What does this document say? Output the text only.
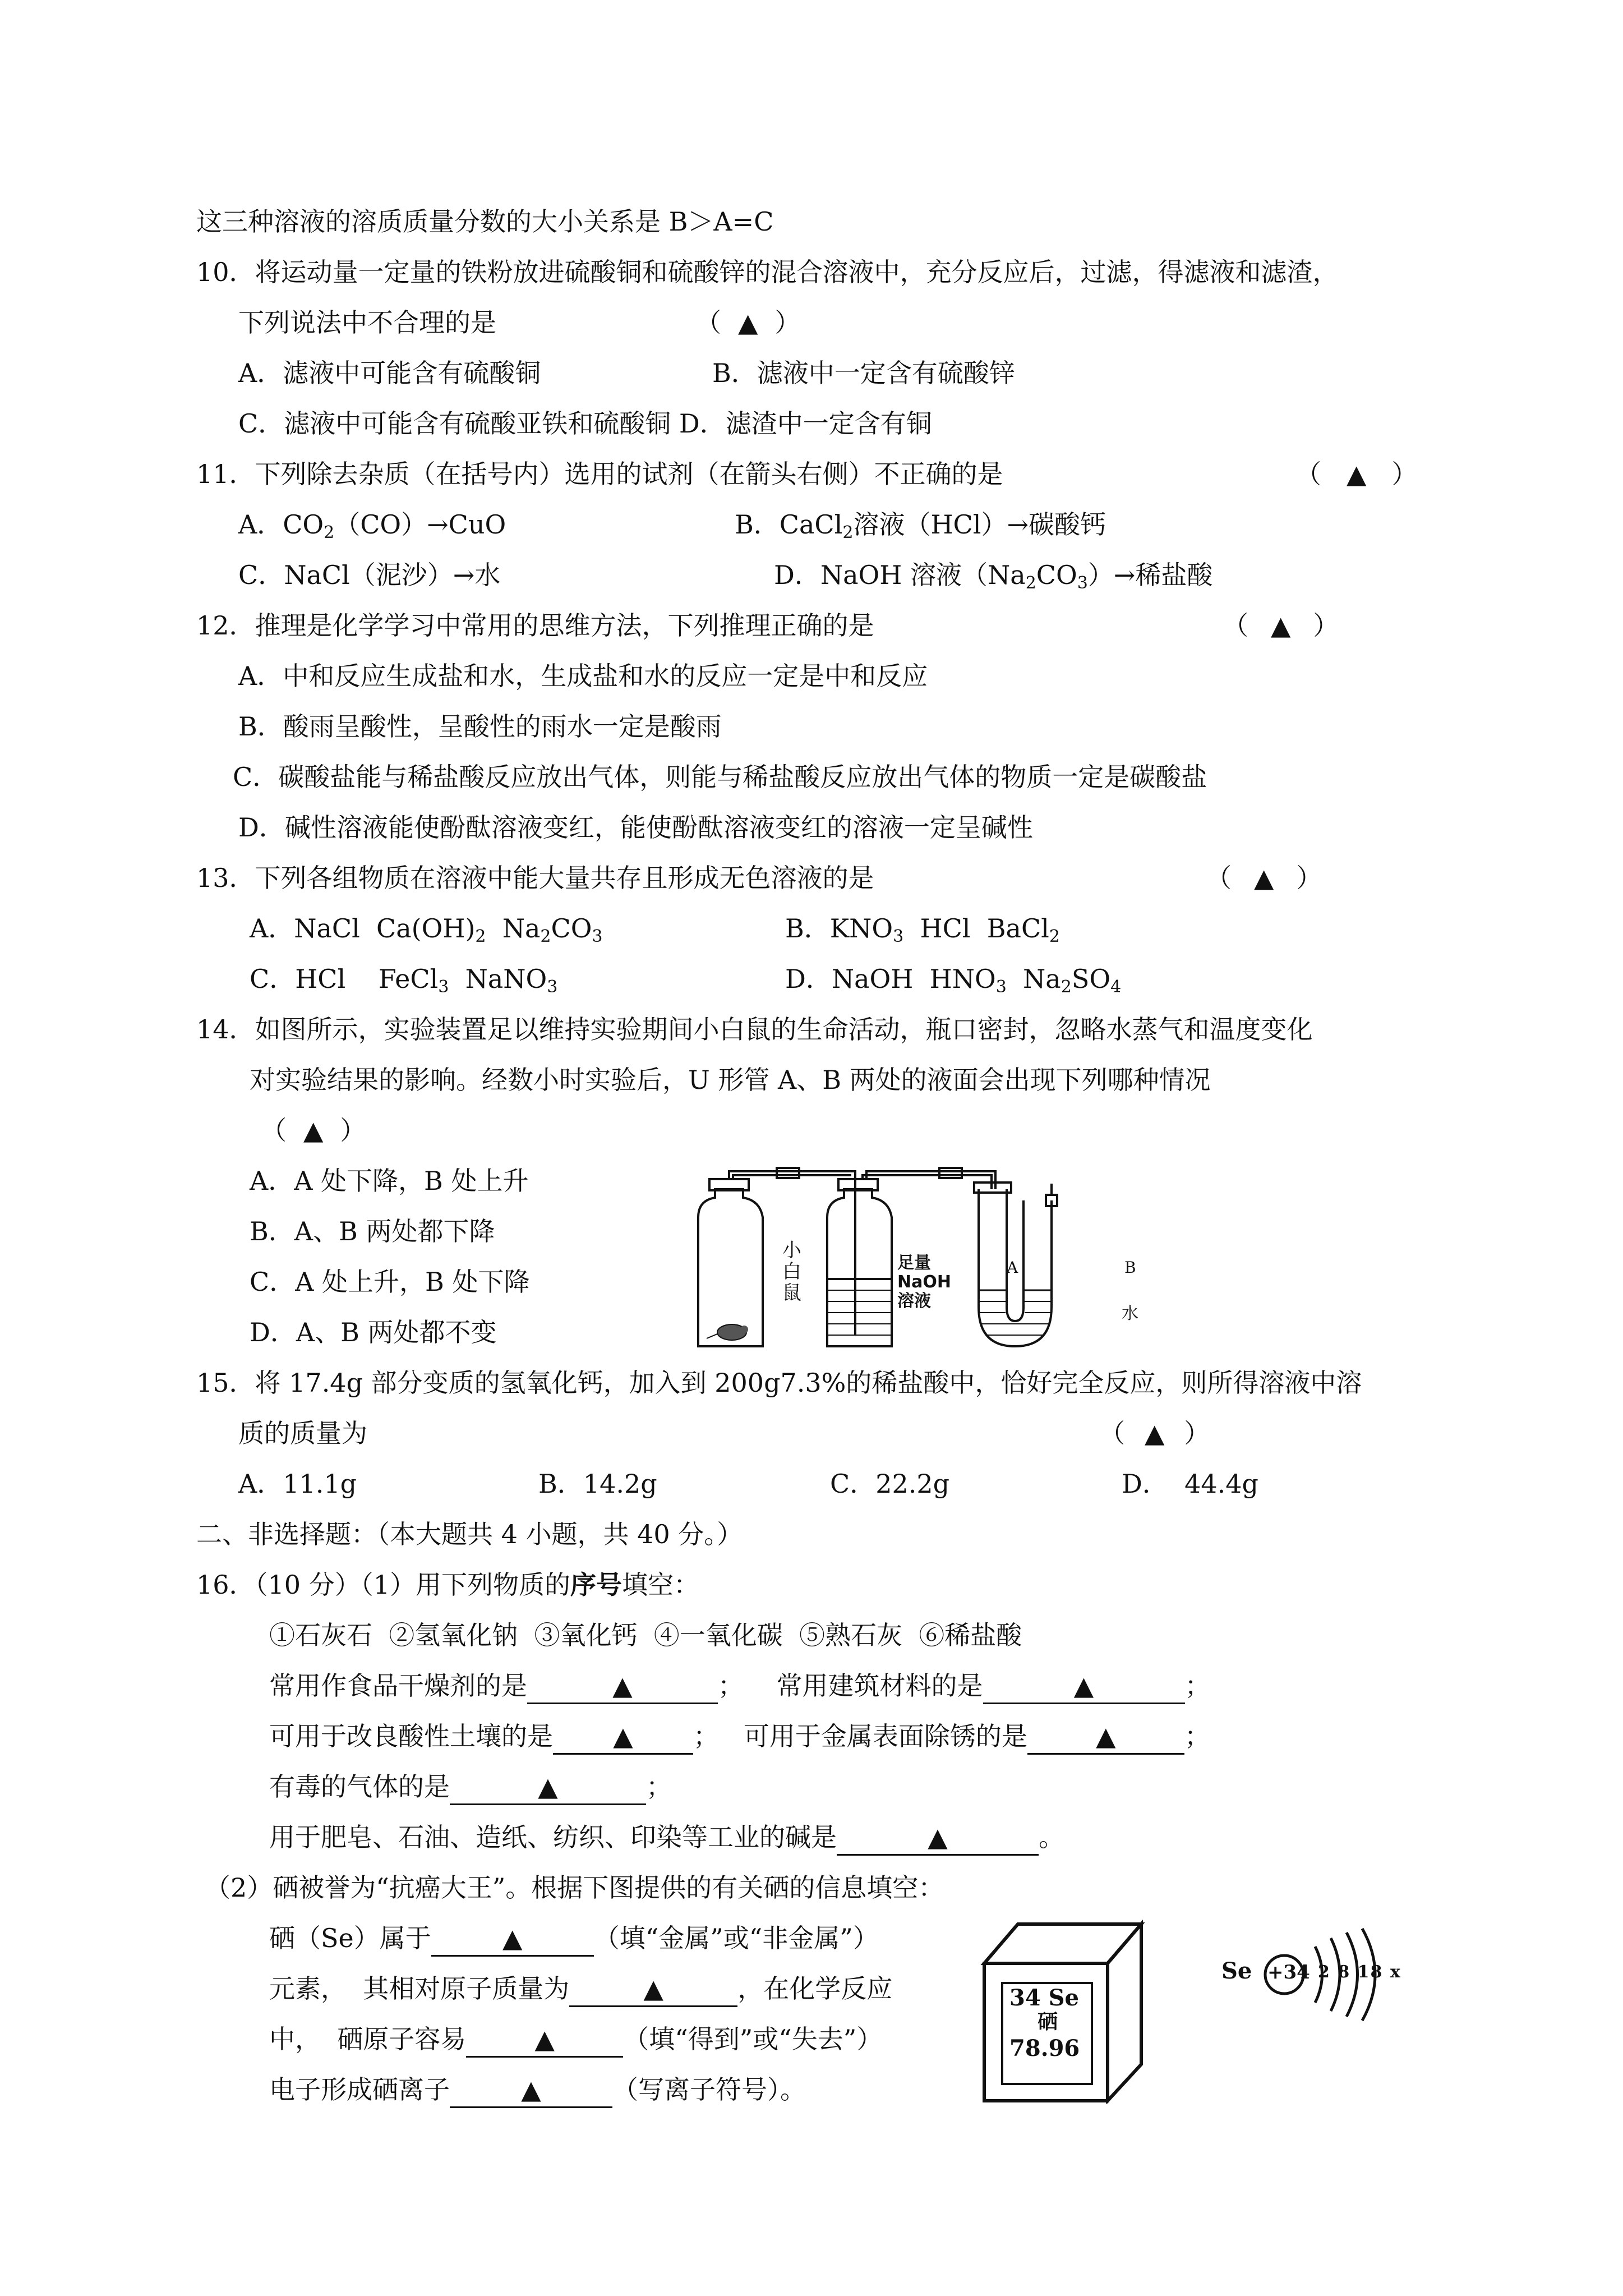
这三种溶液的溶质质量分数的大小关系是 B＞A=C
10．将运动量一定量的铁粉放进硫酸铜和硫酸锌的混合溶液中，充分反应后，过滤，得滤液和滤渣，
下列说法中不合理的是	（ ▲ ）
A．滤液中可能含有硫酸铜	B．滤液中一定含有硫酸锌
C．滤液中可能含有硫酸亚铁和硫酸铜 D．滤渣中一定含有铜
11．下列除去杂质（在括号内）选用的试剂（在箭头右侧）不正确的是	（ ▲ ）
A．$CO_2(CO)\to CuO$	B．CaCl$_2$溶液（HCl）→碳酸钙
C．NaCl（泥沙）→水	D．NaOH 溶液$(Na_2CO_3)\to$稀盐酸
12．推理是化学学习中常用的思维方法，下列推理正确的是	（ ▲ ）
A．中和反应生成盐和水，生成盐和水的反应一定是中和反应
B．酸雨呈酸性，呈酸性的雨水一定是酸雨
C．碳酸盐能与稀盐酸反应放出气体，则能与稀盐酸反应放出气体的物质一定是碳酸盐
D．碱性溶液能使酚酞溶液变红，能使酚酞溶液变红的溶液一定呈碱性
13．下列各组物质在溶液中能大量共存且形成无色溶液的是	（ ▲ ）
A．NaCl  $Ca(OH)_2$  $Na_2CO_3$	B．$KNO_3$  HCl  BaCl$_2$
C．HCl    FeCl$_3$  NaNO$_3$	D．NaOH  $HNO_3$  $Na_2SO_4$
14．如图所示，实验装置足以维持实验期间小白鼠的生命活动，瓶口密封，忽略水蒸气和温度变化
对实验结果的影响。经数小时实验后，U 形管 A、B 两处的液面会出现下列哪种情况
（ ▲ ）
A．A 处下降，B 处上升
B．A、B 两处都下降
C．A 处上升，B 处下降
D．A、B 两处都不变
小
白
鼠
足量
NaOH
溶液
A	B
水
15．将 17.4g 部分变质的氢氧化钙，加入到 200g7.3%的稀盐酸中，恰好完全反应，则所得溶液中溶
质的质量为	（ ▲ ）
A．11.1g	B．14.2g	C．22.2g	D．  44.4g
二、非选择题：（本大题共 4 小题，共 40 分。）
16．（10 分）（1）用下列物质的序号填空：
①石灰石  ②氢氧化钠  ③氧化钙  ④一氧化碳  ⑤熟石灰  ⑥稀盐酸
常用作食品干燥剂的是	▲	；    常用建筑材料的是	▲	；
可用于改良酸性土壤的是 ▲ ；   可用于金属表面除锈的是	▲	；
有毒的气体的是	▲	；
用于肥皂、石油、造纸、纺织、印染等工业的碱是	▲	。
（2）硒被誉为“抗癌大王”。根据下图提供的有关硒的信息填空：
硒（Se）属于	▲	（填“金属”或“非金属”）
元素，  其相对原子质量为	▲	，在化学反应
中，  硒原子容易	▲	（填“得到”或“失去”）
电子形成硒离子	▲	（写离子符号）。
34 Se
硒
78.96
Se +34 2 8 18 x
